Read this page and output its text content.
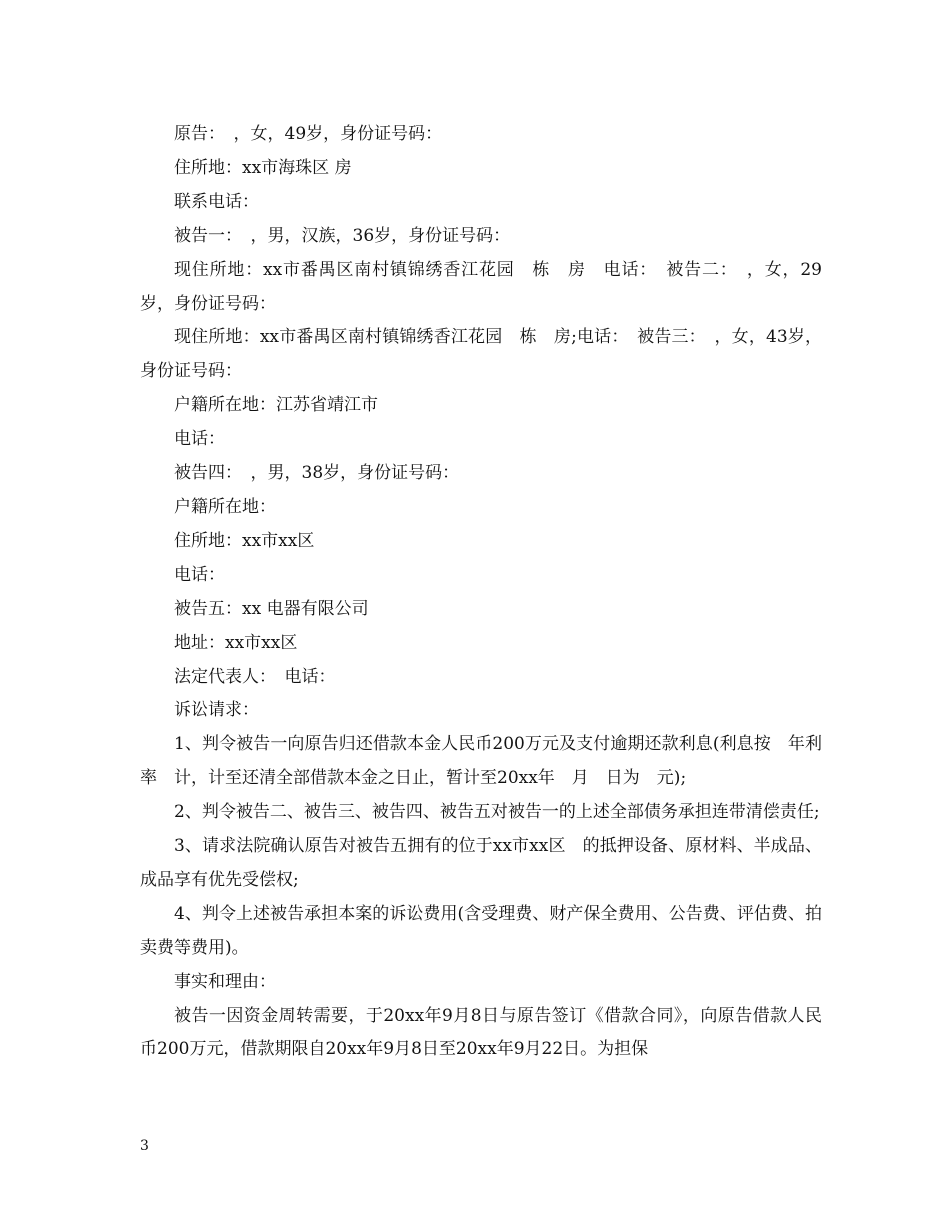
原告：　，女，49岁，身份证号码：

住所地：xx市海珠区 房

联系电话：

被告一：　，男，汉族，36岁，身份证号码：

现住所地：xx市番禺区南村镇锦绣香江花园　栋　房　电话：　被告二：　，女，29岁，身份证号码：

现住所地：xx市番禺区南村镇锦绣香江花园　栋　房;电话：　被告三：　，女，43岁，身份证号码：

户籍所在地：江苏省靖江市

电话：

被告四：　，男，38岁，身份证号码：

户籍所在地：

住所地：xx市xx区

电话：

被告五：xx 电器有限公司

地址：xx市xx区

法定代表人：　电话：

诉讼请求：

1、判令被告一向原告归还借款本金人民币200万元及支付逾期还款利息(利息按　年利率　计，计至还清全部借款本金之日止，暂计至20xx年　月　日为　元);

2、判令被告二、被告三、被告四、被告五对被告一的上述全部债务承担连带清偿责任;

3、请求法院确认原告对被告五拥有的位于xx市xx区　的抵押设备、原材料、半成品、成品享有优先受偿权;

4、判令上述被告承担本案的诉讼费用(含受理费、财产保全费用、公告费、评估费、拍卖费等费用)。

事实和理由：

被告一因资金周转需要，于20xx年9月8日与原告签订《借款合同》，向原告借款人民币200万元，借款期限自20xx年9月8日至20xx年9月22日。为担保

3
